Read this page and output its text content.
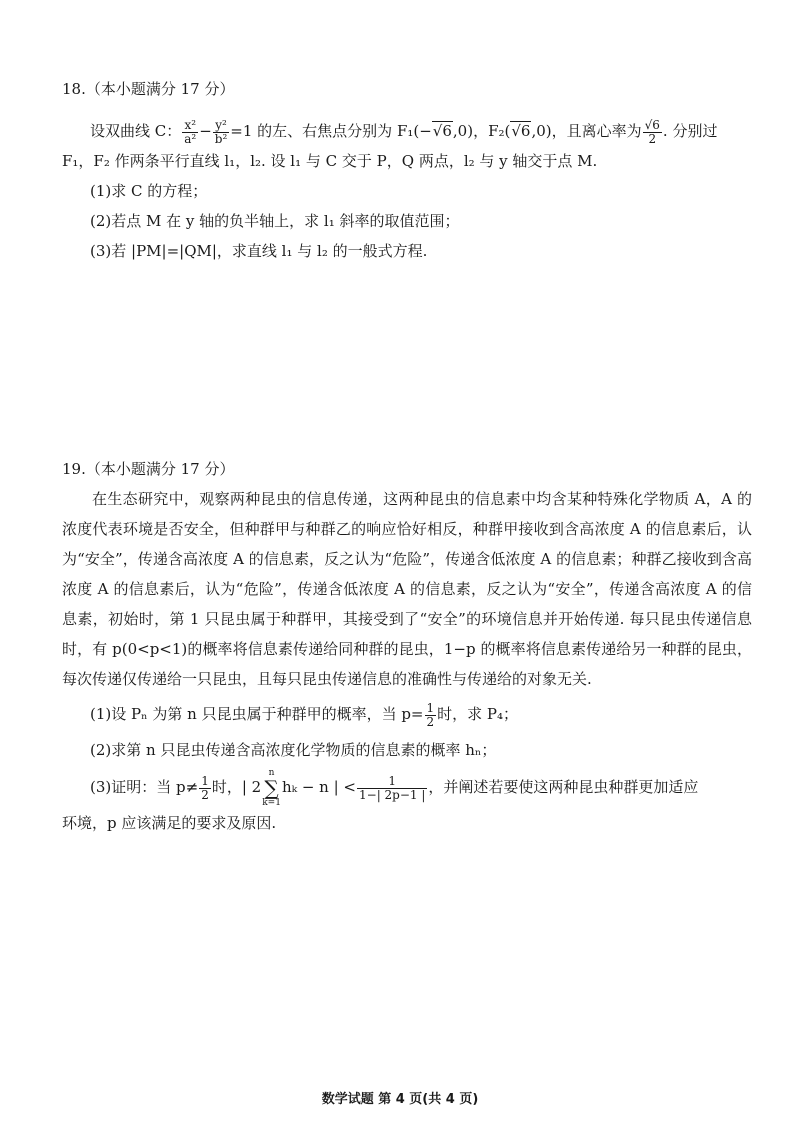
18.（本小题满分 17 分）
设双曲线 C： $\frac{\text{x²}}{\text{a²}} - \frac{\text{y²}}{\text{b²}} =1$ 的左、右焦点分别为 F₁(−√6,0)，F₂(√6,0)，且离心率为 $\frac{√6}{2}$ . 分别过
F₁，F₂ 作两条平行直线 l₁，l₂. 设 l₁ 与 C 交于 P，Q 两点，l₂ 与 y 轴交于点 M.
(1)求 C 的方程；
(2)若点 M 在 y 轴的负半轴上，求 l₁ 斜率的取值范围；
(3)若 |PM|=|QM|，求直线 l₁ 与 l₂ 的一般式方程.
19.（本小题满分 17 分）

在生态研究中，观察两种昆虫的信息传递，这两种昆虫的信息素中均含某种特殊化学物质 A，A 的浓度代表环境是否安全，但种群甲与种群乙的响应恰好相反，种群甲接收到含高浓度 A 的信息素后，认为“安全”，传递含高浓度 A 的信息素，反之认为“危险”，传递含低浓度 A 的信息素；种群乙接收到含高浓度 A 的信息素后，认为“危险”，传递含低浓度 A 的信息素，反之认为“安全”，传递含高浓度 A 的信息素，初始时，第 1 只昆虫属于种群甲，其接受到了“安全”的环境信息并开始传递. 每只昆虫传递信息时，有 p(0<p<1)的概率将信息素传递给同种群的昆虫，1−p 的概率将信息素传递给另一种群的昆虫，每次传递仅传递给一只昆虫，且每只昆虫传递信息的准确性与传递给的对象无关.

(1)设 Pₙ 为第 n 只昆虫属于种群甲的概率，当 $p= \frac{1}{2}$ 时，求 P₄；
(2)求第 n 只昆虫传递含高浓度化学物质的信息素的概率 hₙ；
(3)证明：当 $p\ne \frac{1}{2}$ 时，| 2
n
∑
k=1
hₖ − n | < $\frac{1}{1-| 2p-1 |}$ ，并阐述若要使这两种昆虫种群更加适应
环境，p 应该满足的要求及原因.
数学试题 第 4 页(共 4 页)
